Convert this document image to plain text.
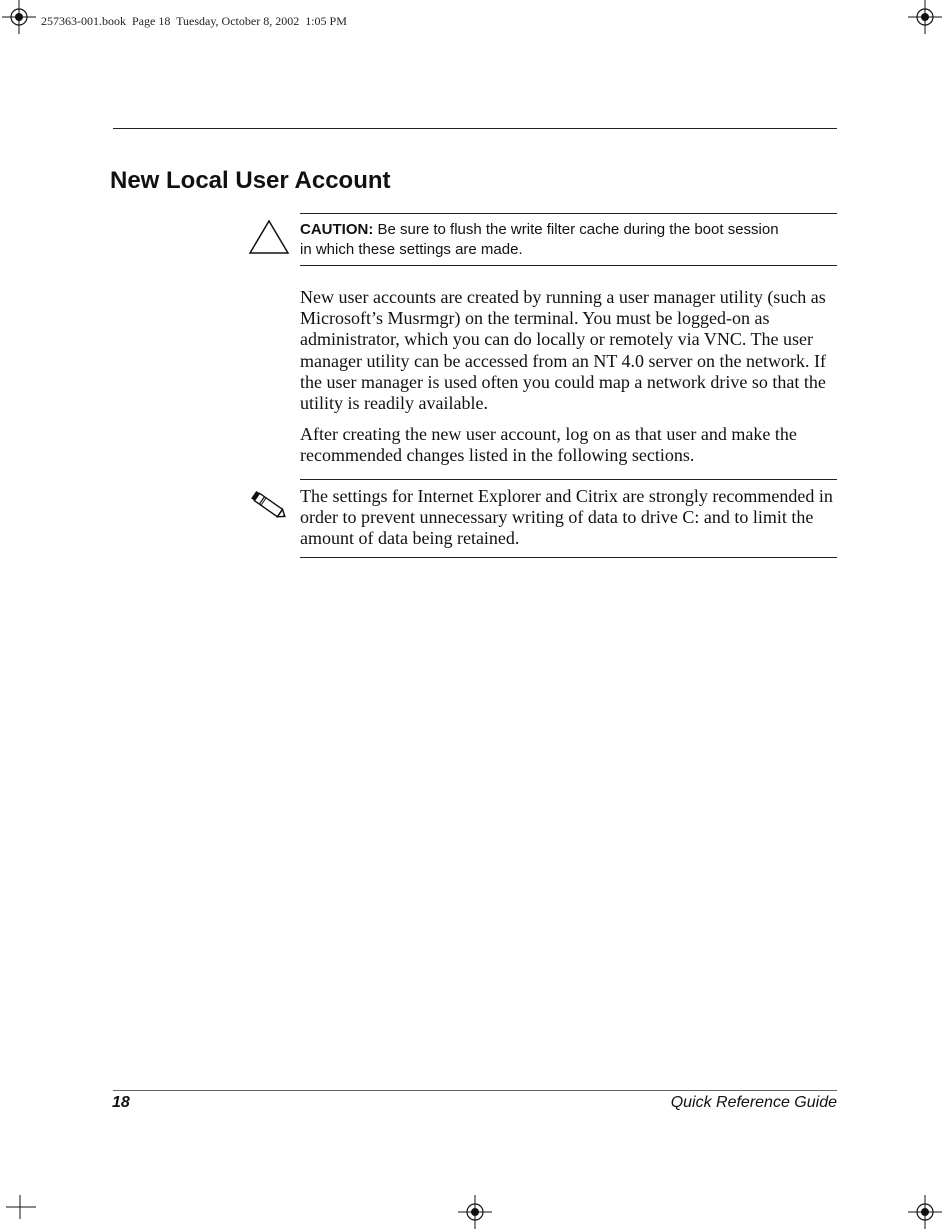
257363-001.book  Page 18  Tuesday, October 8, 2002  1:05 PM
New Local User Account
CAUTION: Be sure to flush the write filter cache during the boot session
in which these settings are made.

New user accounts are created by running a user manager utility (such as Microsoft’s Musrmgr) on the terminal. You must be logged-on as administrator, which you can do locally or remotely via VNC. The user manager utility can be accessed from an NT 4.0 server on the network. If the user manager is used often you could map a network drive so that the utility is readily available.

After creating the new user account, log on as that user and make the recommended changes listed in the following sections.

The settings for Internet Explorer and Citrix are strongly recommended in order to prevent unnecessary writing of data to drive C: and to limit the amount of data being retained.
18	Quick Reference Guide
